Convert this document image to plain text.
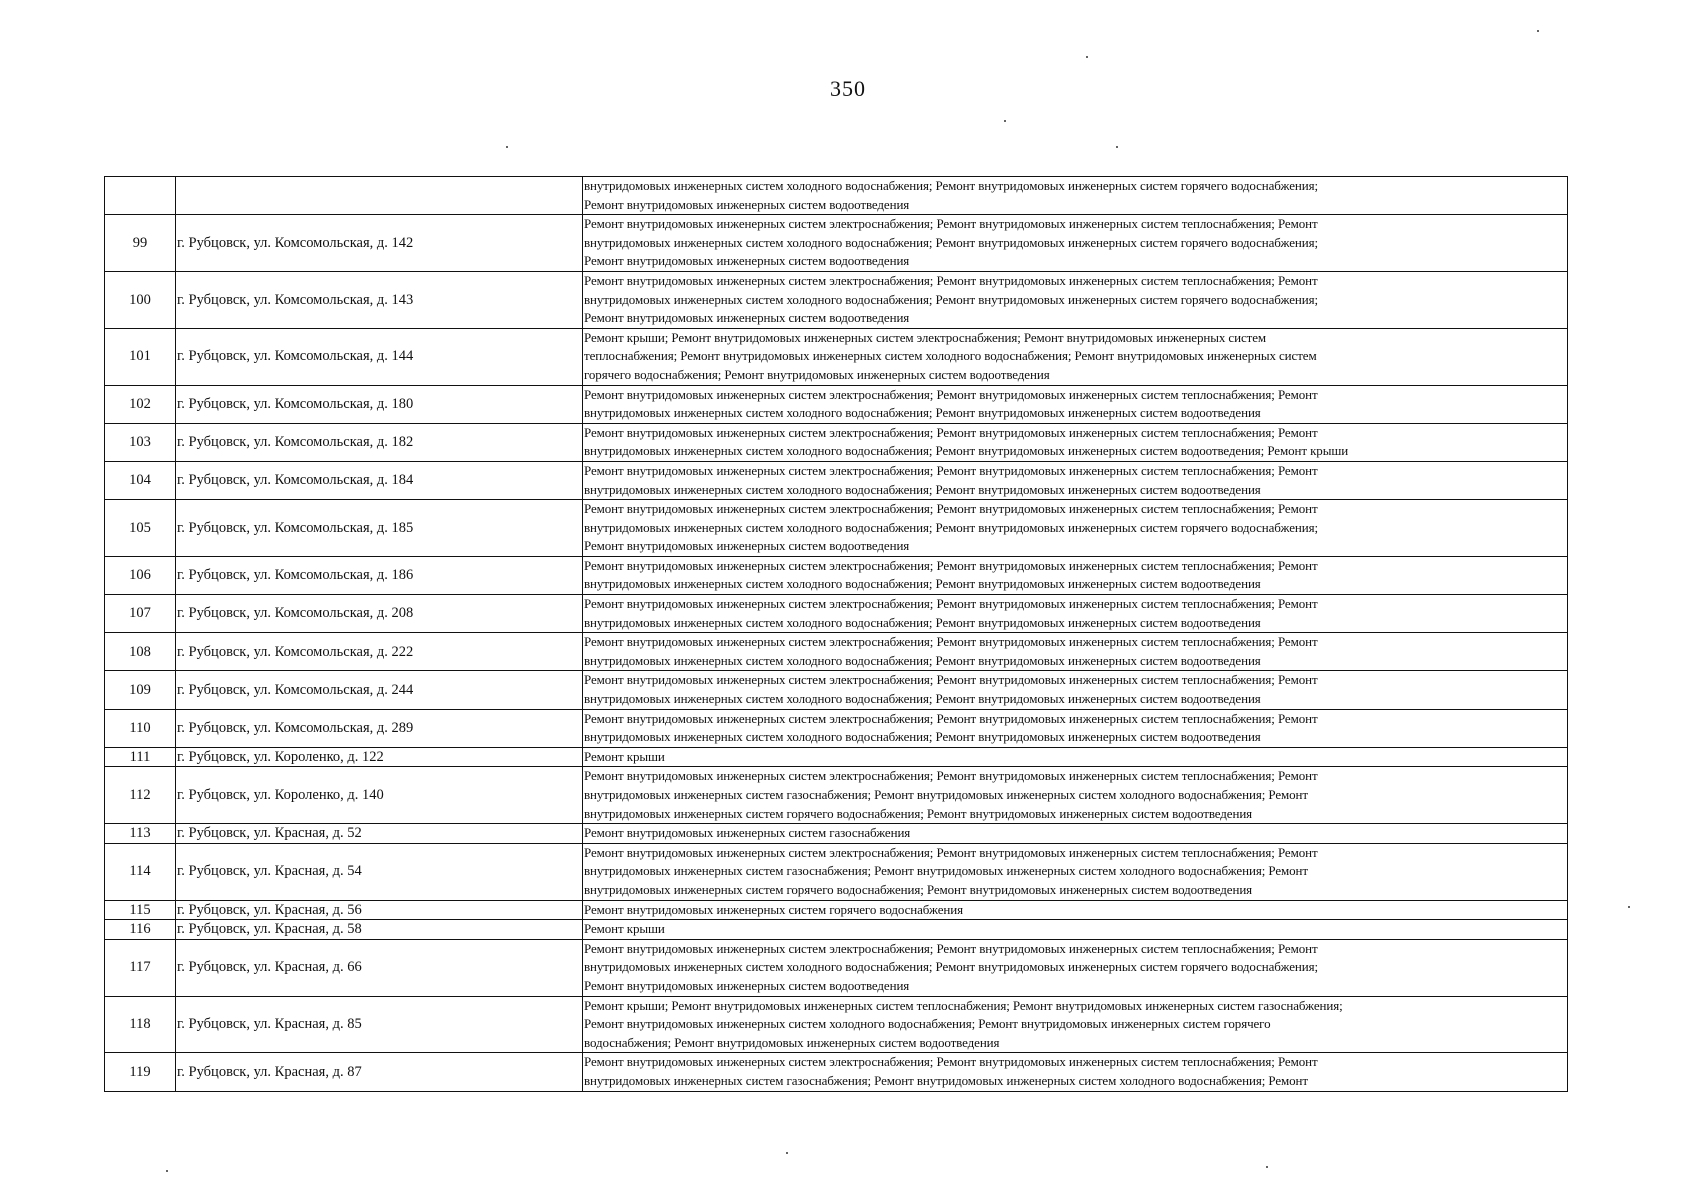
350
		внутридомовых инженерных систем холодного водоснабжения; Ремонт внутридомовых инженерных систем горячего водоснабжения;
Ремонт внутридомовых инженерных систем водоотведения
99	г. Рубцовск, ул. Комсомольская, д. 142	Ремонт внутридомовых инженерных систем электроснабжения; Ремонт внутридомовых инженерных систем теплоснабжения; Ремонт
внутридомовых инженерных систем холодного водоснабжения; Ремонт внутридомовых инженерных систем горячего водоснабжения;
Ремонт внутридомовых инженерных систем водоотведения
100	г. Рубцовск, ул. Комсомольская, д. 143	Ремонт внутридомовых инженерных систем электроснабжения; Ремонт внутридомовых инженерных систем теплоснабжения; Ремонт
внутридомовых инженерных систем холодного водоснабжения; Ремонт внутридомовых инженерных систем горячего водоснабжения;
Ремонт внутридомовых инженерных систем водоотведения
101	г. Рубцовск, ул. Комсомольская, д. 144	Ремонт крыши; Ремонт внутридомовых инженерных систем электроснабжения; Ремонт внутридомовых инженерных систем
теплоснабжения; Ремонт внутридомовых инженерных систем холодного водоснабжения; Ремонт внутридомовых инженерных систем
горячего водоснабжения; Ремонт внутридомовых инженерных систем водоотведения
102	г. Рубцовск, ул. Комсомольская, д. 180	Ремонт внутридомовых инженерных систем электроснабжения; Ремонт внутридомовых инженерных систем теплоснабжения; Ремонт
внутридомовых инженерных систем холодного водоснабжения; Ремонт внутридомовых инженерных систем водоотведения
103	г. Рубцовск, ул. Комсомольская, д. 182	Ремонт внутридомовых инженерных систем электроснабжения; Ремонт внутридомовых инженерных систем теплоснабжения; Ремонт
внутридомовых инженерных систем холодного водоснабжения; Ремонт внутридомовых инженерных систем водоотведения; Ремонт крыши
104	г. Рубцовск, ул. Комсомольская, д. 184	Ремонт внутридомовых инженерных систем электроснабжения; Ремонт внутридомовых инженерных систем теплоснабжения; Ремонт
внутридомовых инженерных систем холодного водоснабжения; Ремонт внутридомовых инженерных систем водоотведения
105	г. Рубцовск, ул. Комсомольская, д. 185	Ремонт внутридомовых инженерных систем электроснабжения; Ремонт внутридомовых инженерных систем теплоснабжения; Ремонт
внутридомовых инженерных систем холодного водоснабжения; Ремонт внутридомовых инженерных систем горячего водоснабжения;
Ремонт внутридомовых инженерных систем водоотведения
106	г. Рубцовск, ул. Комсомольская, д. 186	Ремонт внутридомовых инженерных систем электроснабжения; Ремонт внутридомовых инженерных систем теплоснабжения; Ремонт
внутридомовых инженерных систем холодного водоснабжения; Ремонт внутридомовых инженерных систем водоотведения
107	г. Рубцовск, ул. Комсомольская, д. 208	Ремонт внутридомовых инженерных систем электроснабжения; Ремонт внутридомовых инженерных систем теплоснабжения; Ремонт
внутридомовых инженерных систем холодного водоснабжения; Ремонт внутридомовых инженерных систем водоотведения
108	г. Рубцовск, ул. Комсомольская, д. 222	Ремонт внутридомовых инженерных систем электроснабжения; Ремонт внутридомовых инженерных систем теплоснабжения; Ремонт
внутридомовых инженерных систем холодного водоснабжения; Ремонт внутридомовых инженерных систем водоотведения
109	г. Рубцовск, ул. Комсомольская, д. 244	Ремонт внутридомовых инженерных систем электроснабжения; Ремонт внутридомовых инженерных систем теплоснабжения; Ремонт
внутридомовых инженерных систем холодного водоснабжения; Ремонт внутридомовых инженерных систем водоотведения
110	г. Рубцовск, ул. Комсомольская, д. 289	Ремонт внутридомовых инженерных систем электроснабжения; Ремонт внутридомовых инженерных систем теплоснабжения; Ремонт
внутридомовых инженерных систем холодного водоснабжения; Ремонт внутридомовых инженерных систем водоотведения
111	г. Рубцовск, ул. Короленко, д. 122	Ремонт крыши
112	г. Рубцовск, ул. Короленко, д. 140	Ремонт внутридомовых инженерных систем электроснабжения; Ремонт внутридомовых инженерных систем теплоснабжения; Ремонт
внутридомовых инженерных систем газоснабжения; Ремонт внутридомовых инженерных систем холодного водоснабжения; Ремонт
внутридомовых инженерных систем горячего водоснабжения; Ремонт внутридомовых инженерных систем водоотведения
113	г. Рубцовск, ул. Красная, д. 52	Ремонт внутридомовых инженерных систем газоснабжения
114	г. Рубцовск, ул. Красная, д. 54	Ремонт внутридомовых инженерных систем электроснабжения; Ремонт внутридомовых инженерных систем теплоснабжения; Ремонт
внутридомовых инженерных систем газоснабжения; Ремонт внутридомовых инженерных систем холодного водоснабжения; Ремонт
внутридомовых инженерных систем горячего водоснабжения; Ремонт внутридомовых инженерных систем водоотведения
115	г. Рубцовск, ул. Красная, д. 56	Ремонт внутридомовых инженерных систем горячего водоснабжения
116	г. Рубцовск, ул. Красная, д. 58	Ремонт крыши
117	г. Рубцовск, ул. Красная, д. 66	Ремонт внутридомовых инженерных систем электроснабжения; Ремонт внутридомовых инженерных систем теплоснабжения; Ремонт
внутридомовых инженерных систем холодного водоснабжения; Ремонт внутридомовых инженерных систем горячего водоснабжения;
Ремонт внутридомовых инженерных систем водоотведения
118	г. Рубцовск, ул. Красная, д. 85	Ремонт крыши; Ремонт внутридомовых инженерных систем теплоснабжения; Ремонт внутридомовых инженерных систем газоснабжения;
Ремонт внутридомовых инженерных систем холодного водоснабжения; Ремонт внутридомовых инженерных систем горячего
водоснабжения; Ремонт внутридомовых инженерных систем водоотведения
119	г. Рубцовск, ул. Красная, д. 87	Ремонт внутридомовых инженерных систем электроснабжения; Ремонт внутридомовых инженерных систем теплоснабжения; Ремонт
внутридомовых инженерных систем газоснабжения; Ремонт внутридомовых инженерных систем холодного водоснабжения; Ремонт
